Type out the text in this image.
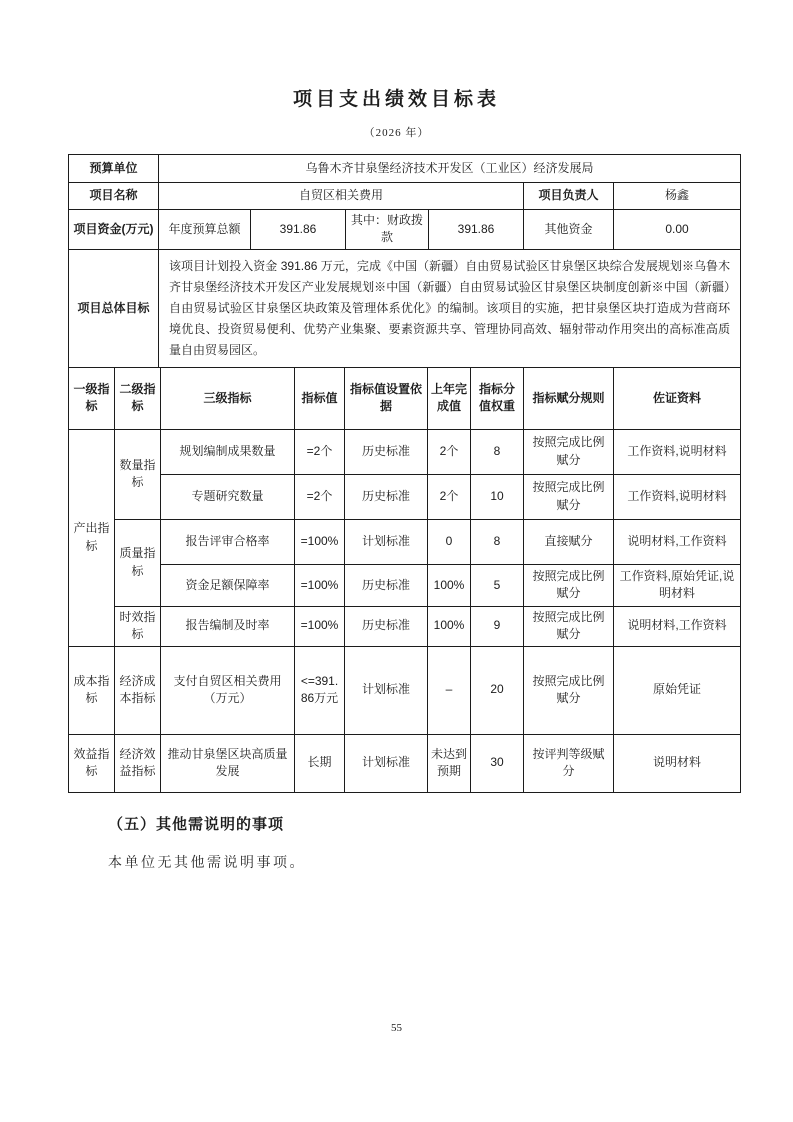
项目支出绩效目标表
（2026 年）
预算单位	乌鲁木齐甘泉堡经济技术开发区（工业区）经济发展局					
项目名称	自贸区相关费用				项目负责人	杨鑫
项目资金(万元)	年度预算总额	391.86	其中：财政拨款	391.86	其他资金	0.00
项目总体目标	该项目计划投入资金 391.86 万元，完成《中国（新疆）自由贸易试验区甘泉堡区块综合发展规划※乌鲁木齐甘泉堡经济技术开发区产业发展规划※中国（新疆）自由贸易试验区甘泉堡区块制度创新※中国（新疆）自由贸易试验区甘泉堡区块政策及管理体系优化》的编制。该项目的实施，把甘泉堡区块打造成为营商环境优良、投资贸易便利、优势产业集聚、要素资源共享、管理协同高效、辐射带动作用突出的高标准高质量自由贸易园区。					
一级指标	二级指标	三级指标	指标值	指标值设置依据	上年完成值	指标分值权重	指标赋分规则	佐证资料
产出指标	数量指标	规划编制成果数量	=2个	历史标准	2个	8	按照完成比例赋分	工作资料,说明材料
		专题研究数量	=2个	历史标准	2个	10	按照完成比例赋分	工作资料,说明材料
	质量指标	报告评审合格率	=100%	计划标准	0	8	直接赋分	说明材料,工作资料
		资金足额保障率	=100%	历史标准	100%	5	按照完成比例赋分	工作资料,原始凭证,说明材料
	时效指标	报告编制及时率	=100%	历史标准	100%	9	按照完成比例赋分	说明材料,工作资料
成本指标	经济成本指标	支付自贸区相关费用（万元）	<=391.86万元	计划标准	–	20	按照完成比例赋分	原始凭证
效益指标	经济效益指标	推动甘泉堡区块高质量发展	长期	计划标准	未达到预期	30	按评判等级赋分	说明材料
（五）其他需说明的事项

本单位无其他需说明事项。

55
